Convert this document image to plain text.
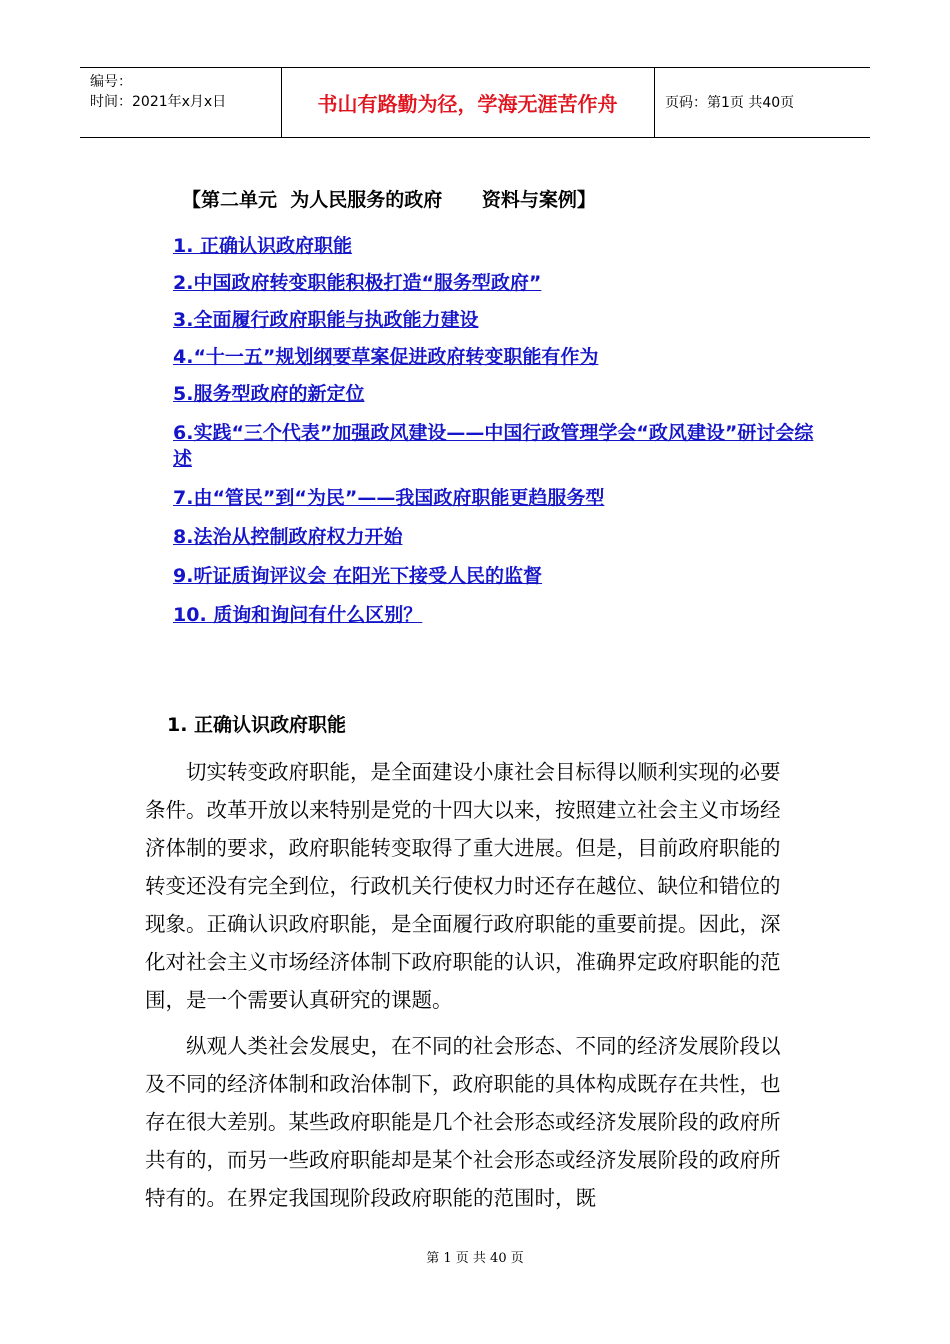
编号：
时间：2021年x月x日	书山有路勤为径，学海无涯苦作舟	页码：第1页 共40页
【第二单元  为人民服务的政府      资料与案例】
1. 正确认识政府职能
2.中国政府转变职能积极打造“服务型政府”
3.全面履行政府职能与执政能力建设
4.“十一五”规划纲要草案促进政府转变职能有作为
5.服务型政府的新定位
6.实践“三个代表”加强政风建设——中国行政管理学会“政风建设”研讨会综述
7.由“管民”到“为民”——我国政府职能更趋服务型
8.法治从控制政府权力开始
9.听证质询评议会 在阳光下接受人民的监督
10. 质询和询问有什么区别？
1. 正确认识政府职能

切实转变政府职能，是全面建设小康社会目标得以顺利实现的必要条件。改革开放以来特别是党的十四大以来，按照建立社会主义市场经济体制的要求，政府职能转变取得了重大进展。但是，目前政府职能的转变还没有完全到位，行政机关行使权力时还存在越位、缺位和错位的现象。正确认识政府职能，是全面履行政府职能的重要前提。因此，深化对社会主义市场经济体制下政府职能的认识，准确界定政府职能的范围，是一个需要认真研究的课题。

纵观人类社会发展史，在不同的社会形态、不同的经济发展阶段以及不同的经济体制和政治体制下，政府职能的具体构成既存在共性，也存在很大差别。某些政府职能是几个社会形态或经济发展阶段的政府所共有的，而另一些政府职能却是某个社会形态或经济发展阶段的政府所特有的。在界定我国现阶段政府职能的范围时，既

第 1 页 共 40 页
